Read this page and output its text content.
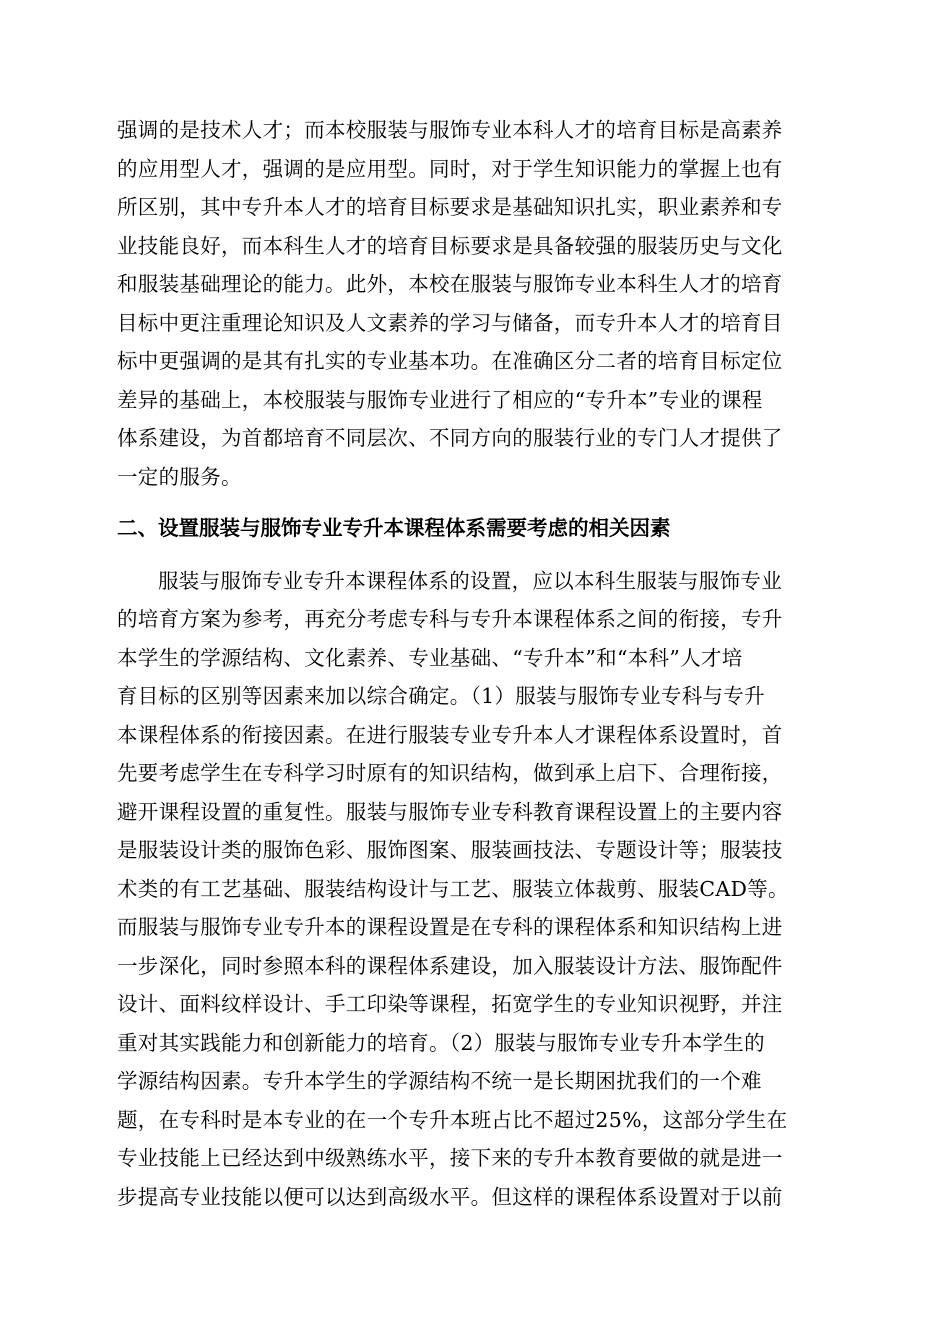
强调的是技术人才；而本校服装与服饰专业本科人才的培育目标是高素养
的应用型人才，强调的是应用型。同时，对于学生知识能力的掌握上也有
所区别，其中专升本人才的培育目标要求是基础知识扎实，职业素养和专
业技能良好，而本科生人才的培育目标要求是具备较强的服装历史与文化
和服装基础理论的能力。此外，本校在服装与服饰专业本科生人才的培育
目标中更注重理论知识及人文素养的学习与储备，而专升本人才的培育目
标中更强调的是其有扎实的专业基本功。在准确区分二者的培育目标定位
差异的基础上，本校服装与服饰专业进行了相应的“专升本”专业的课程
体系建设，为首都培育不同层次、不同方向的服装行业的专门人才提供了
一定的服务。
二、设置服装与服饰专业专升本课程体系需要考虑的相关因素
服装与服饰专业专升本课程体系的设置，应以本科生服装与服饰专业
的培育方案为参考，再充分考虑专科与专升本课程体系之间的衔接，专升
本学生的学源结构、文化素养、专业基础、“专升本”和“本科”人才培
育目标的区别等因素来加以综合确定。（1）服装与服饰专业专科与专升
本课程体系的衔接因素。在进行服装专业专升本人才课程体系设置时，首
先要考虑学生在专科学习时原有的知识结构，做到承上启下、合理衔接，
避开课程设置的重复性。服装与服饰专业专科教育课程设置上的主要内容
是服装设计类的服饰色彩、服饰图案、服装画技法、专题设计等；服装技
术类的有工艺基础、服装结构设计与工艺、服装立体裁剪、服装CAD等。
而服装与服饰专业专升本的课程设置是在专科的课程体系和知识结构上进
一步深化，同时参照本科的课程体系建设，加入服装设计方法、服饰配件
设计、面料纹样设计、手工印染等课程，拓宽学生的专业知识视野，并注
重对其实践能力和创新能力的培育。（2）服装与服饰专业专升本学生的
学源结构因素。专升本学生的学源结构不统一是长期困扰我们的一个难
题，在专科时是本专业的在一个专升本班占比不超过25%，这部分学生在
专业技能上已经达到中级熟练水平，接下来的专升本教育要做的就是进一
步提高专业技能以便可以达到高级水平。但这样的课程体系设置对于以前
